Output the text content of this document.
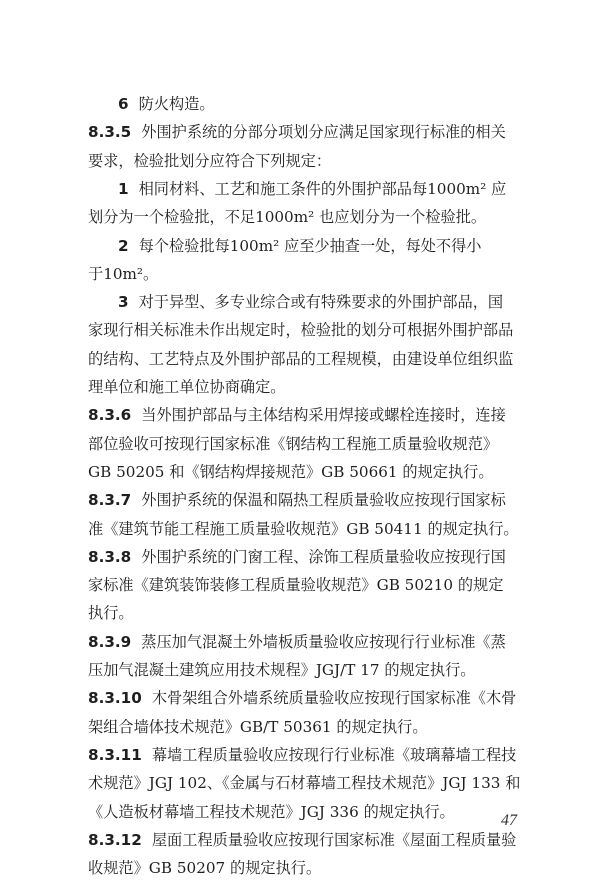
6 防火构造。
8.3.5 外围护系统的分部分项划分应满足国家现行标准的相关
要求，检验批划分应符合下列规定：
1 相同材料、工艺和施工条件的外围护部品每1000m² 应
划分为一个检验批，不足1000m² 也应划分为一个检验批。
2 每个检验批每100m² 应至少抽查一处，每处不得小
于10m²。
3 对于异型、多专业综合或有特殊要求的外围护部品，国
家现行相关标准未作出规定时，检验批的划分可根据外围护部品
的结构、工艺特点及外围护部品的工程规模，由建设单位组织监
理单位和施工单位协商确定。
8.3.6 当外围护部品与主体结构采用焊接或螺栓连接时，连接
部位验收可按现行国家标准《钢结构工程施工质量验收规范》
GB 50205 和《钢结构焊接规范》GB 50661 的规定执行。
8.3.7 外围护系统的保温和隔热工程质量验收应按现行国家标
准《建筑节能工程施工质量验收规范》GB 50411 的规定执行。
8.3.8 外围护系统的门窗工程、涂饰工程质量验收应按现行国
家标准《建筑装饰装修工程质量验收规范》GB 50210 的规定
执行。
8.3.9 蒸压加气混凝土外墙板质量验收应按现行行业标准《蒸
压加气混凝土建筑应用技术规程》JGJ/T 17 的规定执行。
8.3.10 木骨架组合外墙系统质量验收应按现行国家标准《木骨
架组合墙体技术规范》GB/T 50361 的规定执行。
8.3.11 幕墙工程质量验收应按现行行业标准《玻璃幕墙工程技
术规范》JGJ 102、《金属与石材幕墙工程技术规范》JGJ 133 和
《人造板材幕墙工程技术规范》JGJ 336 的规定执行。
8.3.12 屋面工程质量验收应按现行国家标准《屋面工程质量验
收规范》GB 50207 的规定执行。
47
